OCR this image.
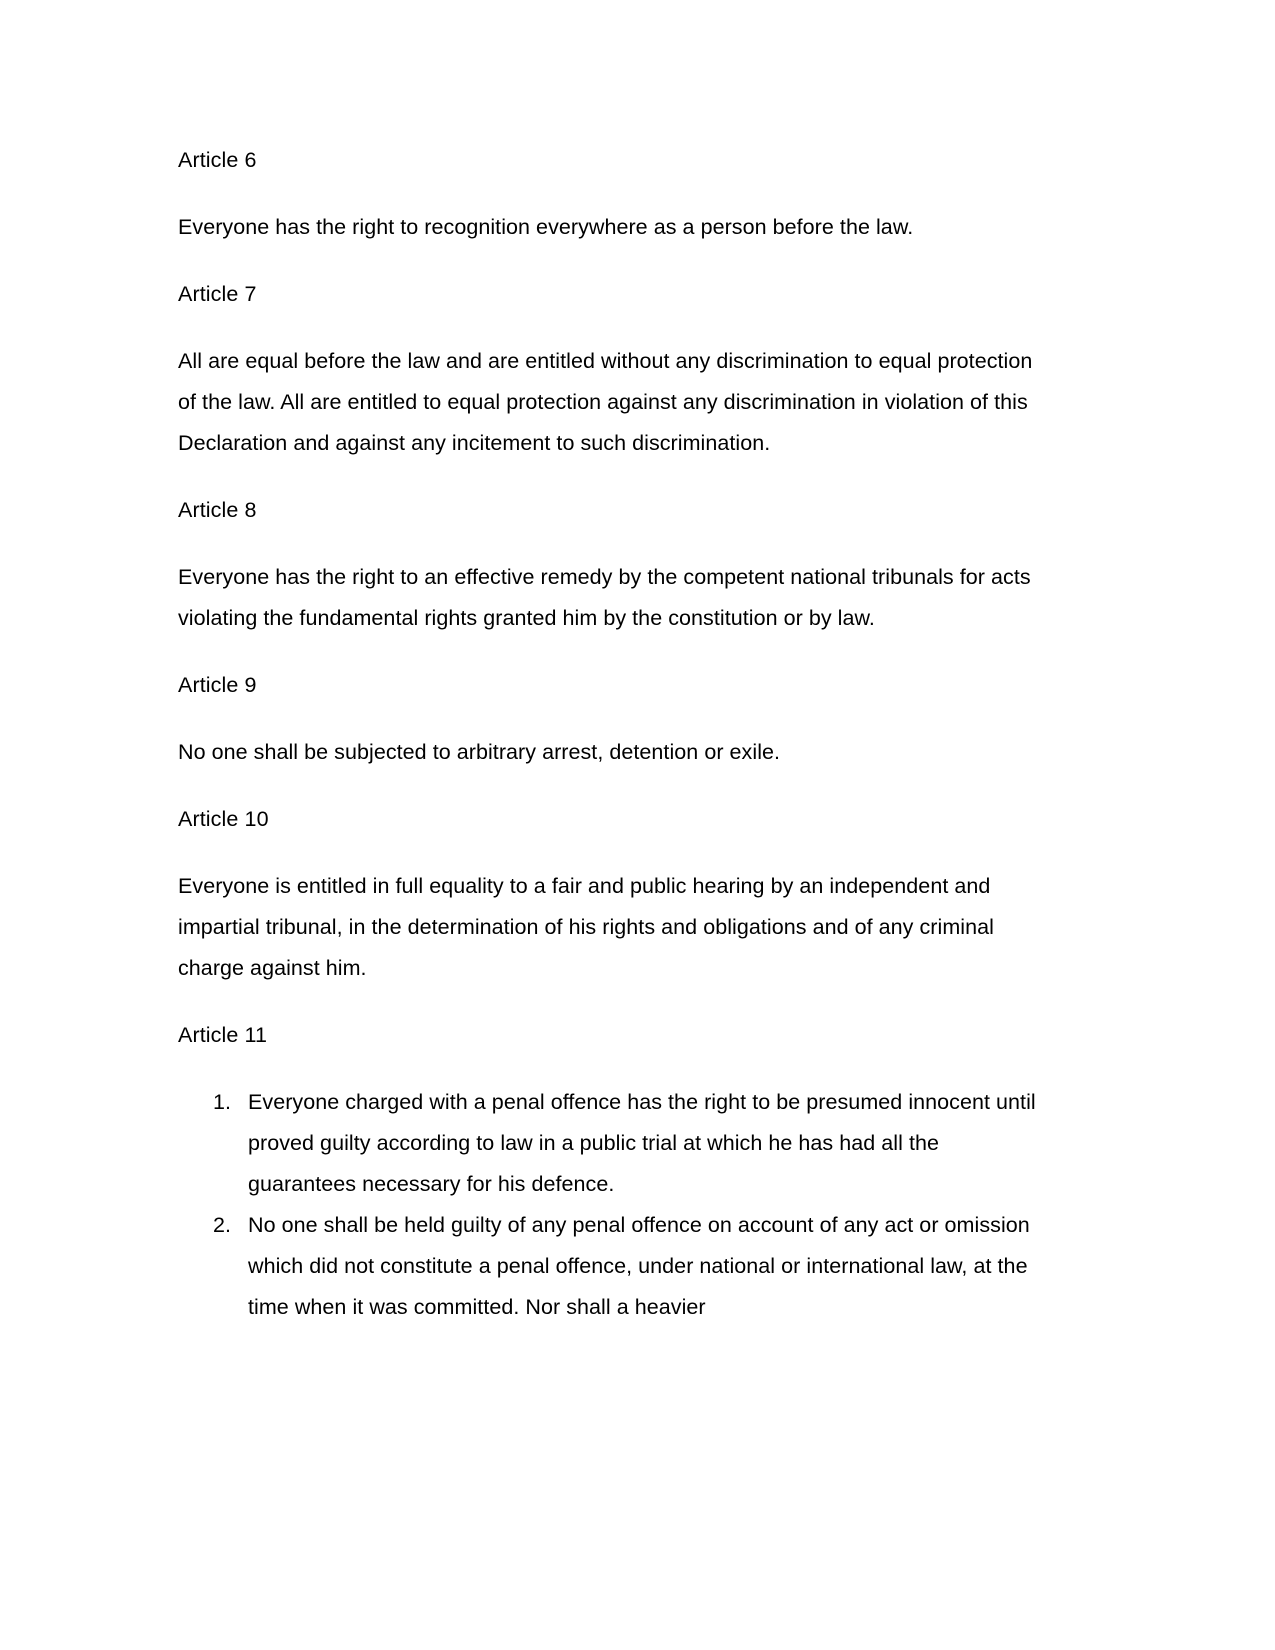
Article 6

Everyone has the right to recognition everywhere as a person before the law.

Article 7

All are equal before the law and are entitled without any discrimination to equal protection of the law. All are entitled to equal protection against any discrimination in violation of this Declaration and against any incitement to such discrimination.

Article 8

Everyone has the right to an effective remedy by the competent national tribunals for acts violating the fundamental rights granted him by the constitution or by law.

Article 9

No one shall be subjected to arbitrary arrest, detention or exile.

Article 10

Everyone is entitled in full equality to a fair and public hearing by an independent and impartial tribunal, in the determination of his rights and obligations and of any criminal charge against him.

Article 11
1. Everyone charged with a penal offence has the right to be presumed innocent until proved guilty according to law in a public trial at which he has had all the guarantees necessary for his defence.
2. No one shall be held guilty of any penal offence on account of any act or omission which did not constitute a penal offence, under national or international law, at the time when it was committed. Nor shall a heavier
